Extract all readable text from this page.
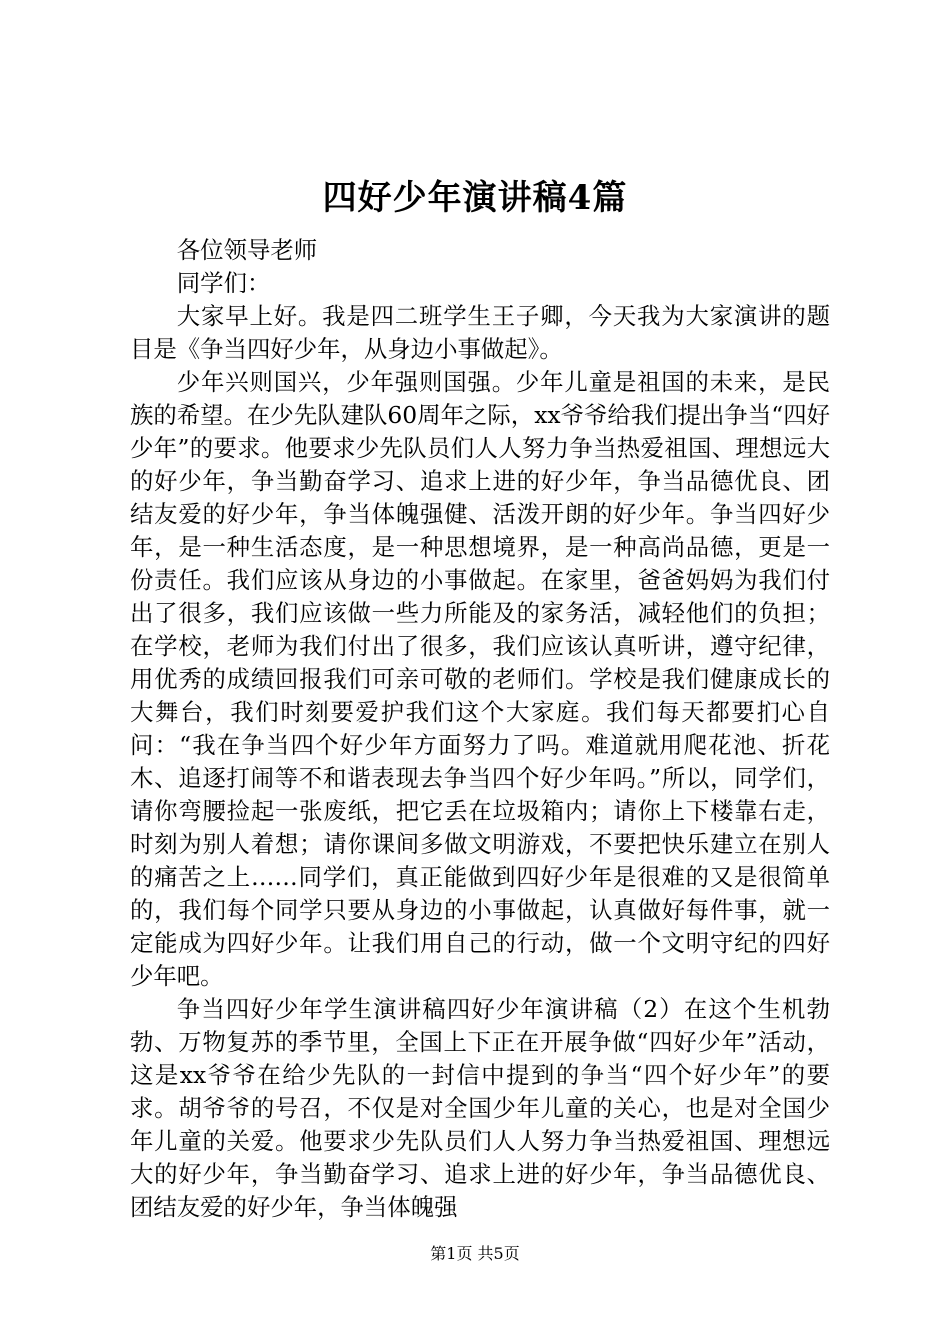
四好少年演讲稿4篇

各位领导老师

同学们：

大家早上好。我是四二班学生王子卿，今天我为大家演讲的题目是《争当四好少年，从身边小事做起》。

少年兴则国兴，少年强则国强。少年儿童是祖国的未来，是民族的希望。在少先队建队60周年之际，xx爷爷给我们提出争当“四好少年”的要求。他要求少先队员们人人努力争当热爱祖国、理想远大的好少年，争当勤奋学习、追求上进的好少年，争当品德优良、团结友爱的好少年，争当体魄强健、活泼开朗的好少年。争当四好少年，是一种生活态度，是一种思想境界，是一种高尚品德，更是一份责任。我们应该从身边的小事做起。在家里，爸爸妈妈为我们付出了很多，我们应该做一些力所能及的家务活，减轻他们的负担；在学校，老师为我们付出了很多，我们应该认真听讲，遵守纪律，用优秀的成绩回报我们可亲可敬的老师们。学校是我们健康成长的大舞台，我们时刻要爱护我们这个大家庭。我们每天都要扪心自问：“我在争当四个好少年方面努力了吗。难道就用爬花池、折花木、追逐打闹等不和谐表现去争当四个好少年吗。”所以，同学们，请你弯腰捡起一张废纸，把它丢在垃圾箱内；请你上下楼靠右走，时刻为别人着想；请你课间多做文明游戏，不要把快乐建立在别人的痛苦之上……同学们，真正能做到四好少年是很难的又是很简单的，我们每个同学只要从身边的小事做起，认真做好每件事，就一定能成为四好少年。让我们用自己的行动，做一个文明守纪的四好少年吧。

争当四好少年学生演讲稿四好少年演讲稿（2）在这个生机勃勃、万物复苏的季节里，全国上下正在开展争做“四好少年”活动，这是xx爷爷在给少先队的一封信中提到的争当“四个好少年”的要求。胡爷爷的号召，不仅是对全国少年儿童的关心，也是对全国少年儿童的关爱。他要求少先队员们人人努力争当热爱祖国、理想远大的好少年，争当勤奋学习、追求上进的好少年，争当品德优良、团结友爱的好少年，争当体魄强

第1页 共5页
